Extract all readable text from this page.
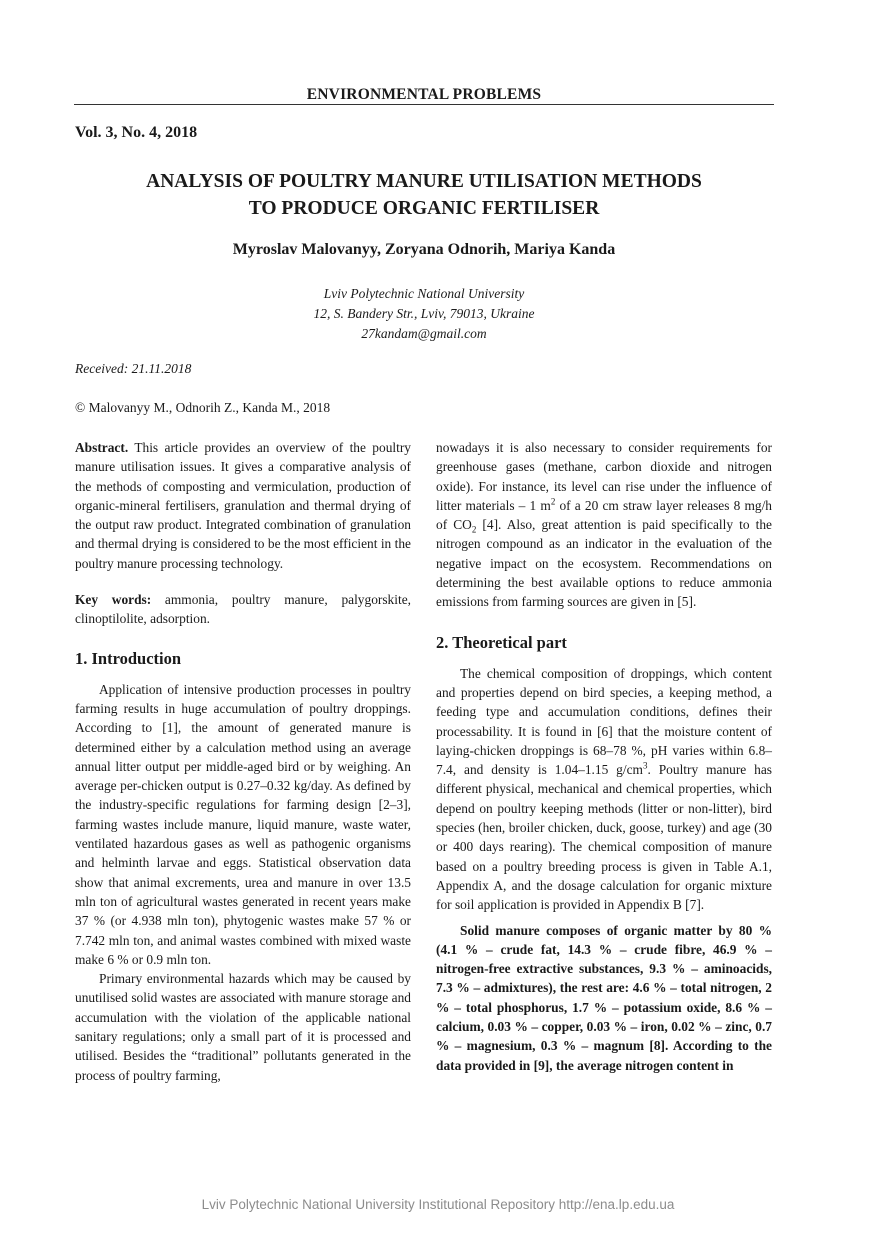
ENVIRONMENTAL PROBLEMS
Vol. 3, No. 4, 2018
ANALYSIS OF POULTRY MANURE UTILISATION METHODS
TO PRODUCE ORGANIC FERTILISER
Myroslav Malovanyy, Zoryana Odnorih, Mariya Kanda
Lviv Polytechnic National University
12, S. Bandery Str., Lviv, 79013, Ukraine
27kandam@gmail.com
Received: 21.11.2018
© Malovanyy M., Odnorih Z., Kanda M., 2018

Abstract. This article provides an overview of the poultry manure utilisation issues. It gives a comparative analysis of the methods of composting and vermiculation, production of organic-mineral fertilisers, granulation and thermal drying of the output raw product. Integrated combination of granulation and thermal drying is considered to be the most efficient in the poultry manure processing technology.

Key words: ammonia, poultry manure, palygorskite, clinoptilolite, adsorption.

1. Introduction

Application of intensive production processes in poultry farming results in huge accumulation of poultry droppings. According to [1], the amount of generated manure is determined either by a calculation method using an average annual litter output per middle-aged bird or by weighing. An average per-chicken output is 0.27–0.32 kg/day. As defined by the industry-specific regulations for farming design [2–3], farming wastes include manure, liquid manure, waste water, ventilated hazardous gases as well as pathogenic organisms and helminth larvae and eggs. Statistical observation data show that animal excrements, urea and manure in over 13.5 mln ton of agricultural wastes generated in recent years make 37 % (or 4.938 mln ton), phytogenic wastes make 57 % or 7.742 mln ton, and animal wastes combined with mixed waste make 6 % or 0.9 mln ton.

Primary environmental hazards which may be caused by unutilised solid wastes are associated with manure storage and accumulation with the violation of the applicable national sanitary regulations; only a small part of it is processed and utilised. Besides the “traditional” pollutants generated in the process of poultry farming,

nowadays it is also necessary to consider requirements for greenhouse gases (methane, carbon dioxide and nitrogen oxide). For instance, its level can rise under the influence of litter materials – 1 $m^2$ of a 20 cm straw layer releases 8 mg/h of $CO_2$ [4]. Also, great attention is paid specifically to the nitrogen compound as an indicator in the evaluation of the negative impact on the ecosystem. Recommendations on determining the best available options to reduce ammonia emissions from farming sources are given in [5].

2. Theoretical part

The chemical composition of droppings, which content and properties depend on bird species, a keeping method, a feeding type and accumulation conditions, defines their processability. It is found in [6] that the moisture content of laying-chicken droppings is 68–78 %, pH varies within 6.8–7.4, and density is 1.04–1.15 $g/cm^3$. Poultry manure has different physical, mechanical and chemical properties, which depend on poultry keeping methods (litter or non-litter), bird species (hen, broiler chicken, duck, goose, turkey) and age (30 or 400 days rearing). The chemical composition of manure based on a poultry breeding process is given in Table A.1, Appendix A, and the dosage calculation for organic mixture for soil application is provided in Appendix B [7].

Solid manure composes of organic matter by 80 % (4.1 % – crude fat, 14.3 % – crude fibre, 46.9 % – nitrogen-free extractive substances, 9.3 % – aminoacids, 7.3 % – admixtures), the rest are: 4.6 % – total nitrogen, 2 % – total phosphorus, 1.7 % – potassium oxide, 8.6 % – calcium, 0.03 % – copper, 0.03 % – iron, 0.02 % – zinc, 0.7 % – magnesium, 0.3 % – magnum [8]. According to the data provided in [9], the average nitrogen content in

Lviv Polytechnic National University Institutional Repository http://ena.lp.edu.ua
